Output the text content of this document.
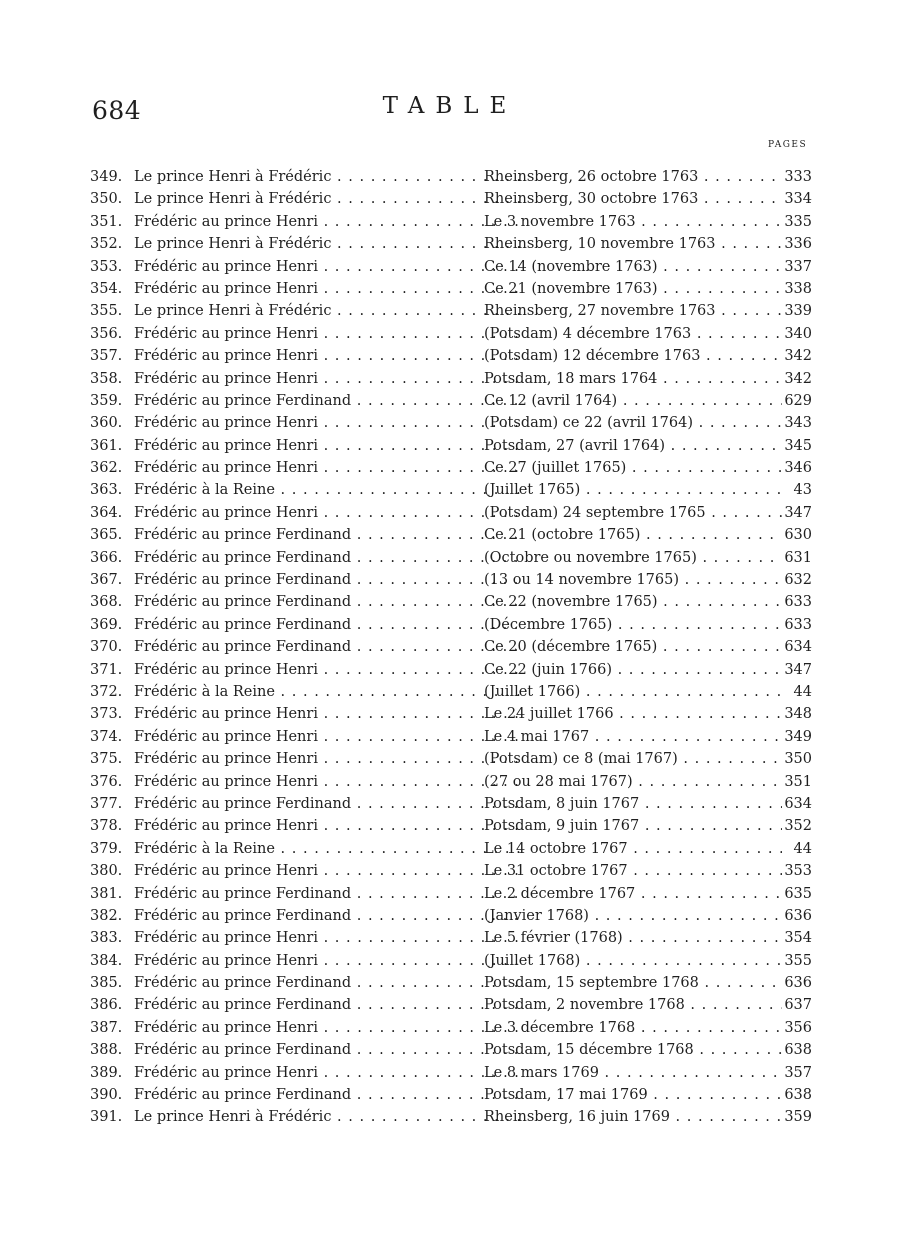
684	TABLE
PAGES
349. Le prince Henri à Frédéric . . .	Rheinsberg, 26 octobre 1763 . . .	333
350. Le prince Henri à Frédéric . . .	Rheinsberg, 30 octobre 1763 . . .	334
351. Frédéric au prince Henri . . .	Le 3 novembre 1763 . . .	335
352. Le prince Henri à Frédéric . . .	Rheinsberg, 10 novembre 1763 . . .	336
353. Frédéric au prince Henri . . .	Ce 14 (novembre 1763) . . .	337
354. Frédéric au prince Henri . . .	Ce 21 (novembre 1763) . . .	338
355. Le prince Henri à Frédéric . . .	Rheinsberg, 27 novembre 1763 . . .	339
356. Frédéric au prince Henri . . .	(Potsdam) 4 décembre 1763 . . .	340
357. Frédéric au prince Henri . . .	(Potsdam) 12 décembre 1763 . . .	342
358. Frédéric au prince Henri . . .	Potsdam, 18 mars 1764 . . .	342
359. Frédéric au prince Ferdinand . . .	Ce 12 (avril 1764) . . .	629
360. Frédéric au prince Henri . . .	(Potsdam) ce 22 (avril 1764) . . .	343
361. Frédéric au prince Henri . . .	Potsdam, 27 (avril 1764) . . .	345
362. Frédéric au prince Henri . . .	Ce 27 (juillet 1765) . . .	346
363. Frédéric à la Reine . . .	(Juillet 1765) . . .	43
364. Frédéric au prince Henri . . .	(Potsdam) 24 septembre 1765 . . .	347
365. Frédéric au prince Ferdinand . . .	Ce 21 (octobre 1765) . . .	630
366. Frédéric au prince Ferdinand . . .	(Octobre ou novembre 1765) . . .	631
367. Frédéric au prince Ferdinand . . .	(13 ou 14 novembre 1765) . . .	632
368. Frédéric au prince Ferdinand . . .	Ce 22 (novembre 1765) . . .	633
369. Frédéric au prince Ferdinand . . .	(Décembre 1765) . . .	633
370. Frédéric au prince Ferdinand . . .	Ce 20 (décembre 1765) . . .	634
371. Frédéric au prince Henri . . .	Ce 22 (juin 1766) . . .	347
372. Frédéric à la Reine . . .	(Juillet 1766) . . .	44
373. Frédéric au prince Henri . . .	Le 24 juillet 1766 . . .	348
374. Frédéric au prince Henri . . .	Le 4 mai 1767 . . .	349
375. Frédéric au prince Henri . . .	(Potsdam) ce 8 (mai 1767) . . .	350
376. Frédéric au prince Henri . . .	(27 ou 28 mai 1767) . . .	351
377. Frédéric au prince Ferdinand . . .	Potsdam, 8 juin 1767 . . .	634
378. Frédéric au prince Henri . . .	Potsdam, 9 juin 1767 . . .	352
379. Frédéric à la Reine . . .	Le 14 octobre 1767 . . .	44
380. Frédéric au prince Henri . . .	Le 31 octobre 1767 . . .	353
381. Frédéric au prince Ferdinand . . .	Le 2 décembre 1767 . . .	635
382. Frédéric au prince Ferdinand . . .	(Janvier 1768) . . .	636
383. Frédéric au prince Henri . . .	Le 5 février (1768) . . .	354
384. Frédéric au prince Henri . . .	(Juillet 1768) . . .	355
385. Frédéric au prince Ferdinand . . .	Potsdam, 15 septembre 1768 . . .	636
386. Frédéric au prince Ferdinand . . .	Potsdam, 2 novembre 1768 . . .	637
387. Frédéric au prince Henri . . .	Le 3 décembre 1768 . . .	356
388. Frédéric au prince Ferdinand . . .	Potsdam, 15 décembre 1768 . . .	638
389. Frédéric au prince Henri . . .	Le 8 mars 1769 . . .	357
390. Frédéric au prince Ferdinand . . .	Potsdam, 17 mai 1769 . . .	638
391. Le prince Henri à Frédéric . . .	Rheinsberg, 16 juin 1769 . . .	359
